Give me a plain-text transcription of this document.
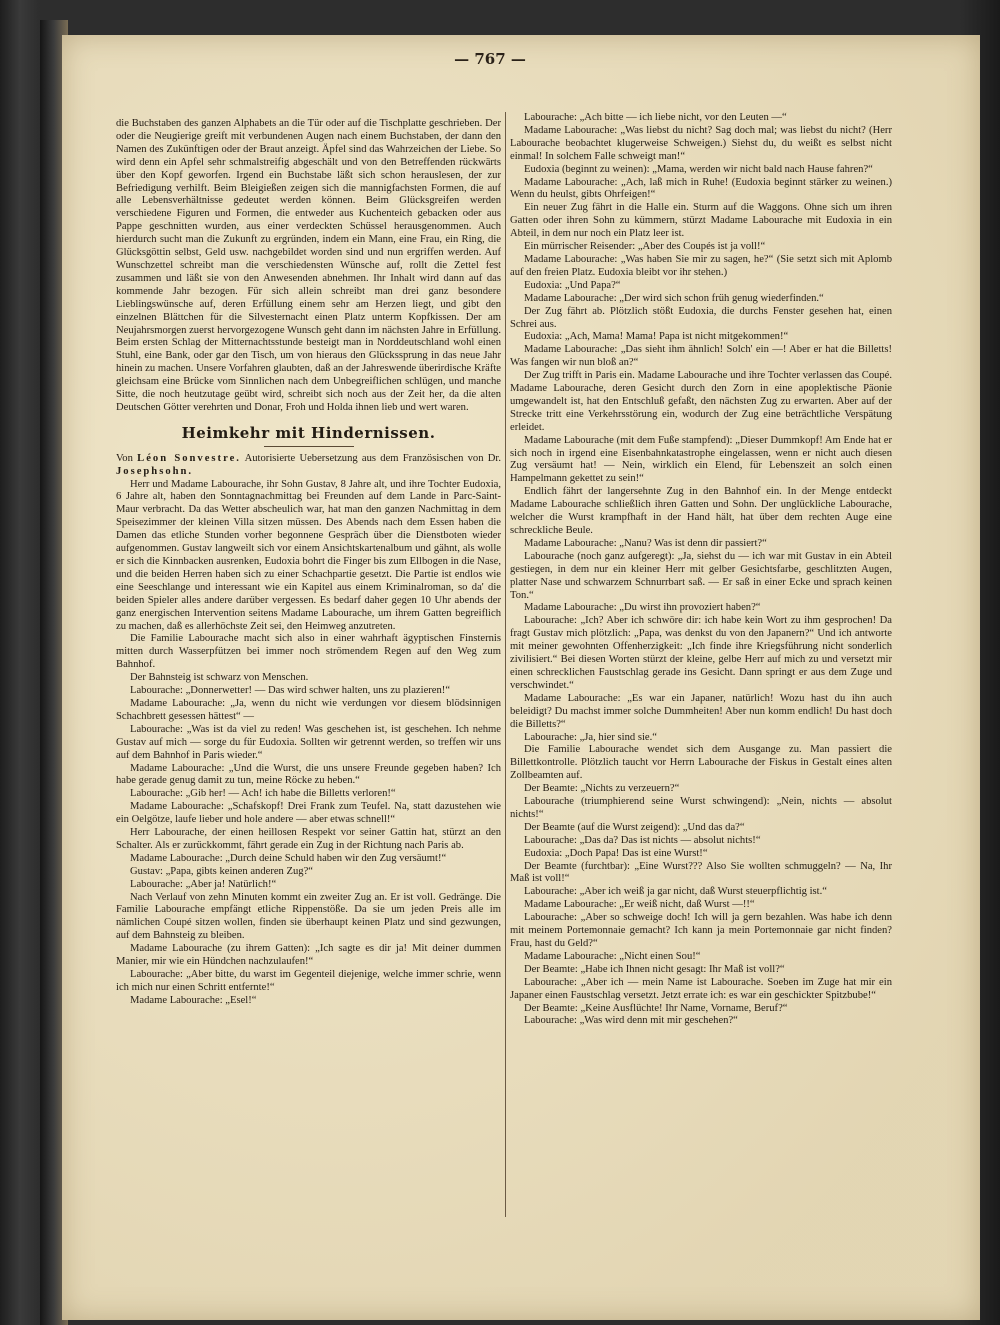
— 767 —

die Buchstaben des ganzen Alphabets an die Tür oder auf die Tischplatte geschrieben. Der oder die Neugierige greift mit verbundenen Augen nach einem Buchstaben, der dann den Namen des Zukünftigen oder der Braut anzeigt. Äpfel sind das Wahrzeichen der Liebe. So wird denn ein Apfel sehr schmalstreifig abgeschält und von den Betreffenden rückwärts über den Kopf geworfen. Irgend ein Buchstabe läßt sich schon herauslesen, der zur Befriedigung verhilft. Beim Bleigießen zeigen sich die mannigfachsten Formen, die auf alle Lebensverhältnisse gedeutet werden können. Beim Glücksgreifen werden verschiedene Figuren und Formen, die entweder aus Kuchenteich gebacken oder aus Pappe geschnitten wurden, aus einer verdeckten Schüssel herausgenommen. Auch hierdurch sucht man die Zukunft zu ergründen, indem ein Mann, eine Frau, ein Ring, die Glücksgöttin selbst, Geld usw. nachgebildet worden sind und nun ergriffen werden. Auf Wunschzettel schreibt man die verschiedensten Wünsche auf, rollt die Zettel fest zusammen und läßt sie von den Anwesenden abnehmen. Ihr Inhalt wird dann auf das kommende Jahr bezogen. Für sich allein schreibt man drei ganz besondere Lieblingswünsche auf, deren Erfüllung einem sehr am Herzen liegt, und gibt den einzelnen Blättchen für die Silvesternacht einen Platz unterm Kopfkissen. Der am Neujahrsmorgen zuerst hervorgezogene Wunsch geht dann im nächsten Jahre in Erfüllung. Beim ersten Schlag der Mitternachtsstunde besteigt man in Norddeutschland wohl einen Stuhl, eine Bank, oder gar den Tisch, um von hieraus den Glückssprung in das neue Jahr hinein zu machen. Unsere Vorfahren glaubten, daß an der Jahreswende überirdische Kräfte gleichsam eine Brücke vom Sinnlichen nach dem Unbegreiflichen schlügen, und manche Sitte, die noch heutzutage geübt wird, schreibt sich noch aus der Zeit her, da die alten Deutschen Götter verehrten und Donar, Froh und Holda ihnen lieb und wert waren.

Heimkehr mit Hindernissen.

Von Léon Sonvestre. Autorisierte Uebersetzung aus dem Französischen von Dr. Josephsohn.

Herr und Madame Labourache, ihr Sohn Gustav, 8 Jahre alt, und ihre Tochter Eudoxia, 6 Jahre alt, haben den Sonntagnachmittag bei Freunden auf dem Lande in Parc-Saint-Maur verbracht. Da das Wetter abscheulich war, hat man den ganzen Nachmittag in dem Speisezimmer der kleinen Villa sitzen müssen. Des Abends nach dem Essen haben die Damen das etliche Stunden vorher begonnene Gespräch über die Dienstboten wieder aufgenommen. Gustav langweilt sich vor einem Ansichtskartenalbum und gähnt, als wolle er sich die Kinnbacken ausrenken, Eudoxia bohrt die Finger bis zum Ellbogen in die Nase, und die beiden Herren haben sich zu einer Schachpartie gesetzt. Die Partie ist endlos wie eine Seeschlange und interessant wie ein Kapitel aus einem Kriminalroman, so da' die beiden Spieler alles andere darüber vergessen. Es bedarf daher gegen 10 Uhr abends der ganz energischen Intervention seitens Madame Labourache, um ihrem Gatten begreiflich zu machen, daß es allerhöchste Zeit sei, den Heimweg anzutreten.

Die Familie Labourache macht sich also in einer wahrhaft ägyptischen Finsternis mitten durch Wasserpfützen bei immer noch strömendem Regen auf den Weg zum Bahnhof.

Der Bahnsteig ist schwarz von Menschen.

Labourache: „Donnerwetter! — Das wird schwer halten, uns zu plazieren!“

Madame Labourache: „Ja, wenn du nicht wie verdungen vor diesem blödsinnigen Schachbrett gesessen hättest“ —

Labourache: „Was ist da viel zu reden! Was geschehen ist, ist geschehen. Ich nehme Gustav auf mich — sorge du für Eudoxia. Sollten wir getrennt werden, so treffen wir uns auf dem Bahnhof in Paris wieder.“

Madame Labourache: „Und die Wurst, die uns unsere Freunde gegeben haben? Ich habe gerade genug damit zu tun, meine Röcke zu heben.“

Labourache: „Gib her! — Ach! ich habe die Billetts verloren!“

Madame Labourache: „Schafskopf! Drei Frank zum Teufel. Na, statt dazustehen wie ein Oelgötze, laufe lieber und hole andere — aber etwas schnell!“

Herr Labourache, der einen heillosen Respekt vor seiner Gattin hat, stürzt an den Schalter. Als er zurückkommt, fährt gerade ein Zug in der Richtung nach Paris ab.

Madame Labourache: „Durch deine Schuld haben wir den Zug versäumt!“

Gustav: „Papa, gibts keinen anderen Zug?“

Labourache: „Aber ja! Natürlich!“

Nach Verlauf von zehn Minuten kommt ein zweiter Zug an. Er ist voll. Gedränge. Die Familie Labourache empfängt etliche Rippenstöße. Da sie um jeden Preis alle im nämlichen Coupé sitzen wollen, finden sie überhaupt keinen Platz und sind gezwungen, auf dem Bahnsteig zu bleiben.

Madame Labourache (zu ihrem Gatten): „Ich sagte es dir ja! Mit deiner dummen Manier, mir wie ein Hündchen nachzulaufen!“

Labourache: „Aber bitte, du warst im Gegenteil diejenige, welche immer schrie, wenn ich mich nur einen Schritt entfernte!“

Madame Labourache: „Esel!“

Labourache: „Ach bitte — ich liebe nicht, vor den Leuten —“

Madame Labourache: „Was liebst du nicht? Sag doch mal; was liebst du nicht? (Herr Labourache beobachtet klugerweise Schweigen.) Siehst du, du weißt es selbst nicht einmal! In solchem Falle schweigt man!“

Eudoxia (beginnt zu weinen): „Mama, werden wir nicht bald nach Hause fahren?“

Madame Labourache: „Ach, laß mich in Ruhe! (Eudoxia beginnt stärker zu weinen.) Wenn du heulst, gibts Ohrfeigen!“

Ein neuer Zug fährt in die Halle ein. Sturm auf die Waggons. Ohne sich um ihren Gatten oder ihren Sohn zu kümmern, stürzt Madame Labourache mit Eudoxia in ein Abteil, in dem nur noch ein Platz leer ist.

Ein mürrischer Reisender: „Aber des Coupés ist ja voll!“

Madame Labourache: „Was haben Sie mir zu sagen, he?“ (Sie setzt sich mit Aplomb auf den freien Platz. Eudoxia bleibt vor ihr stehen.)

Eudoxia: „Und Papa?“

Madame Labourache: „Der wird sich schon früh genug wiederfinden.“

Der Zug fährt ab. Plötzlich stößt Eudoxia, die durchs Fenster gesehen hat, einen Schrei aus.

Eudoxia: „Ach, Mama! Mama! Papa ist nicht mitgekommen!“

Madame Labourache: „Das sieht ihm ähnlich! Solch' ein —! Aber er hat die Billetts! Was fangen wir nun bloß an?“

Der Zug trifft in Paris ein. Madame Labourache und ihre Tochter verlassen das Coupé. Madame Labourache, deren Gesicht durch den Zorn in eine apoplektische Päonie umgewandelt ist, hat den Entschluß gefaßt, den nächsten Zug zu erwarten. Aber auf der Strecke tritt eine Verkehrsstörung ein, wodurch der Zug eine beträchtliche Verspätung erleidet.

Madame Labourache (mit dem Fuße stampfend): „Dieser Dummkopf! Am Ende hat er sich noch in irgend eine Eisenbahnkatastrophe eingelassen, wenn er nicht auch diesen Zug versäumt hat! — Nein, wirklich ein Elend, für Lebenszeit an solch einen Hampelmann gekettet zu sein!“

Endlich fährt der langersehnte Zug in den Bahnhof ein. In der Menge entdeckt Madame Labourache schließlich ihren Gatten und Sohn. Der unglückliche Labourache, welcher die Wurst krampfhaft in der Hand hält, hat über dem rechten Auge eine schreckliche Beule.

Madame Labourache: „Nanu? Was ist denn dir passiert?“

Labourache (noch ganz aufgeregt): „Ja, siehst du — ich war mit Gustav in ein Abteil gestiegen, in dem nur ein kleiner Herr mit gelber Gesichtsfarbe, geschlitzten Augen, platter Nase und schwarzem Schnurrbart saß. — Er saß in einer Ecke und sprach keinen Ton.“

Madame Labourache: „Du wirst ihn provoziert haben?“

Labourache: „Ich? Aber ich schwöre dir: ich habe kein Wort zu ihm gesprochen! Da fragt Gustav mich plötzlich: „Papa, was denkst du von den Japanern?“ Und ich antworte mit meiner gewohnten Offenherzigkeit: „Ich finde ihre Kriegsführung nicht sonderlich zivilisiert.“ Bei diesen Worten stürzt der kleine, gelbe Herr auf mich zu und versetzt mir einen schrecklichen Faustschlag gerade ins Gesicht. Dann springt er aus dem Zuge und verschwindet.“

Madame Labourache: „Es war ein Japaner, natürlich! Wozu hast du ihn auch beleidigt? Du machst immer solche Dummheiten! Aber nun komm endlich! Du hast doch die Billetts?“

Labourache: „Ja, hier sind sie.“

Die Familie Labourache wendet sich dem Ausgange zu. Man passiert die Billettkontrolle. Plötzlich taucht vor Herrn Labourache der Fiskus in Gestalt eines alten Zollbeamten auf.

Der Beamte: „Nichts zu verzeuern?“

Labourache (triumphierend seine Wurst schwingend): „Nein, nichts — absolut nichts!“

Der Beamte (auf die Wurst zeigend): „Und das da?“

Labourache: „Das da? Das ist nichts — absolut nichts!“

Eudoxia: „Doch Papa! Das ist eine Wurst!“

Der Beamte (furchtbar): „Eine Wurst??? Also Sie wollten schmuggeln? — Na, Ihr Maß ist voll!“

Labourache: „Aber ich weiß ja gar nicht, daß Wurst steuerpflichtig ist.“

Madame Labourache: „Er weiß nicht, daß Wurst —!!“

Labourache: „Aber so schweige doch! Ich will ja gern bezahlen. Was habe ich denn mit meinem Portemonnaie gemacht? Ich kann ja mein Portemonnaie gar nicht finden? Frau, hast du Geld?“

Madame Labourache: „Nicht einen Sou!“

Der Beamte: „Habe ich Ihnen nicht gesagt: Ihr Maß ist voll?“

Labourache: „Aber ich — mein Name ist Labourache. Soeben im Zuge hat mir ein Japaner einen Faustschlag versetzt. Jetzt errate ich: es war ein geschickter Spitzbube!“

Der Beamte: „Keine Ausflüchte! Ihr Name, Vorname, Beruf?“

Labourache: „Was wird denn mit mir geschehen?“
